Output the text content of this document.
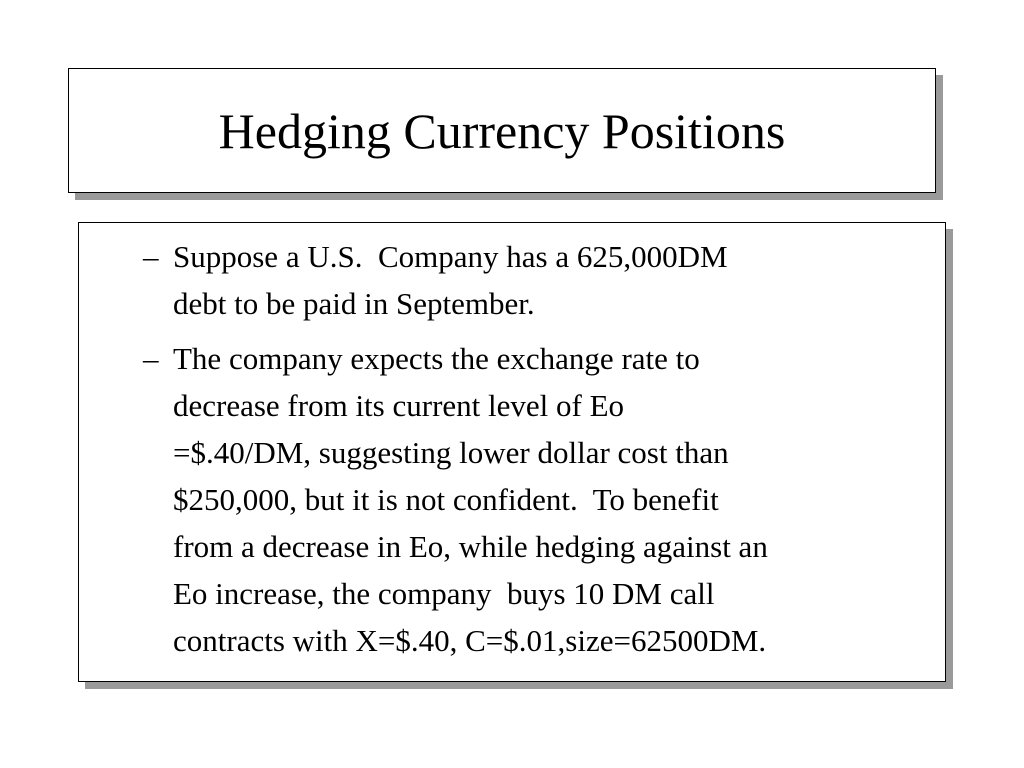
Hedging Currency Positions
– Suppose a U.S.  Company has a 625,000DM
debt to be paid in September.
– The company expects the exchange rate to
decrease from its current level of Eo
=$.40/DM, suggesting lower dollar cost than
$250,000, but it is not confident.  To benefit
from a decrease in Eo, while hedging against an
Eo increase, the company  buys 10 DM call
contracts with X=$.40, C=$.01,size=62500DM.
